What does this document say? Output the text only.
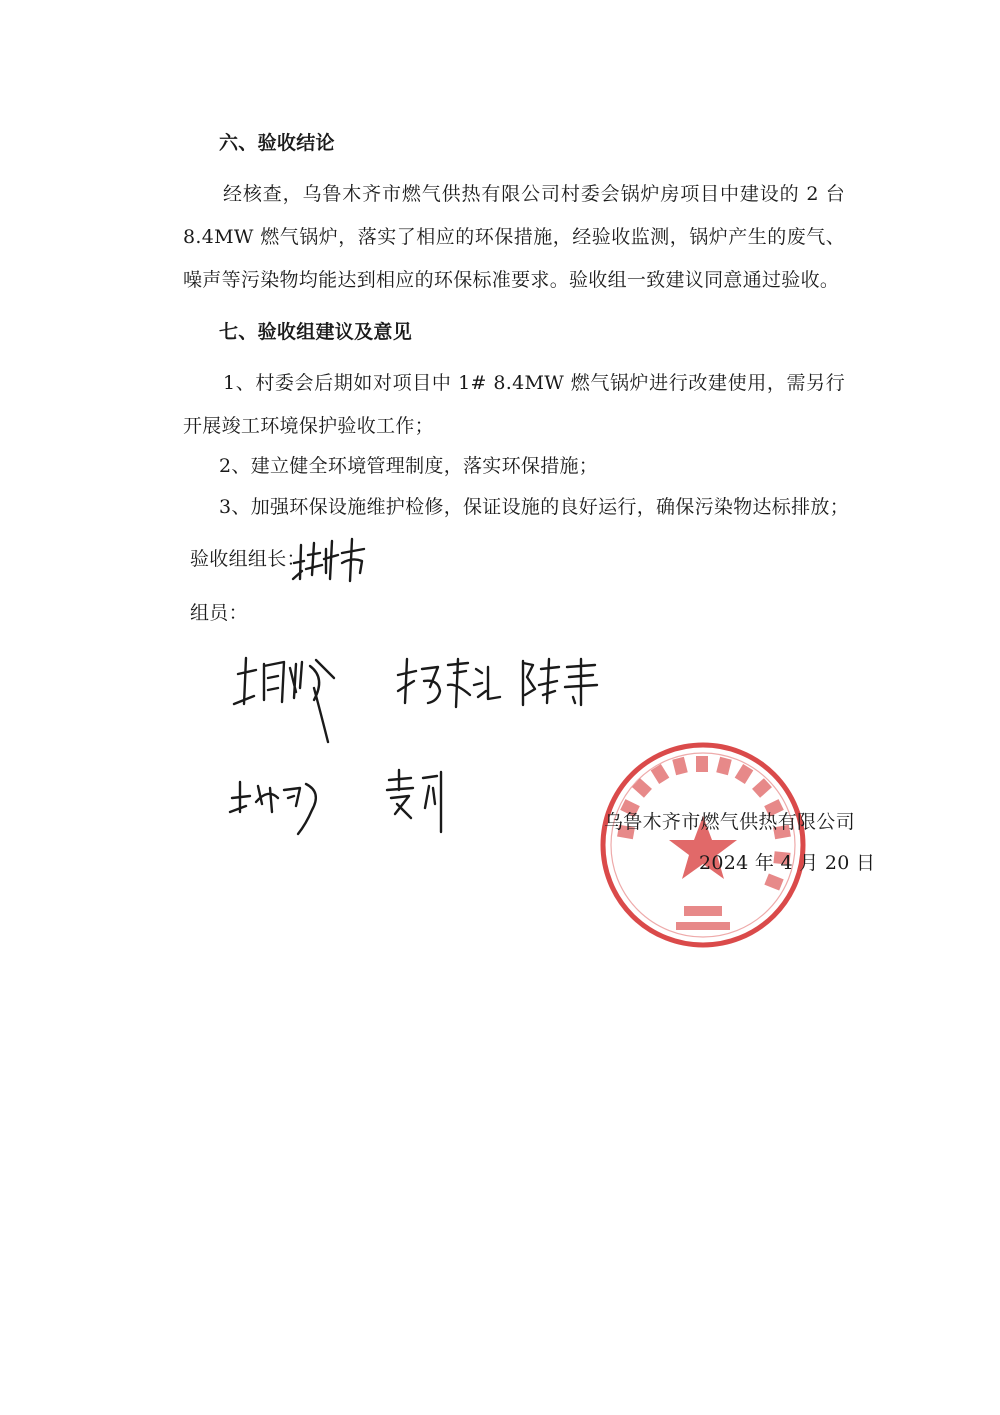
六、验收结论
经核查，乌鲁木齐市燃气供热有限公司村委会锅炉房项目中建设的 2 台 8.4MW 燃气锅炉，落实了相应的环保措施，经验收监测，锅炉产生的废气、噪声等污染物均能达到相应的环保标准要求。验收组一致建议同意通过验收。
七、验收组建议及意见
1、村委会后期如对项目中 1# 8.4MW 燃气锅炉进行改建使用，需另行开展竣工环境保护验收工作；
2、建立健全环境管理制度，落实环保措施；
3、加强环保设施维护检修，保证设施的良好运行，确保污染物达标排放；
验收组组长：
组员：
乌鲁木齐市燃气供热有限公司
2024 年 4 月 20 日
